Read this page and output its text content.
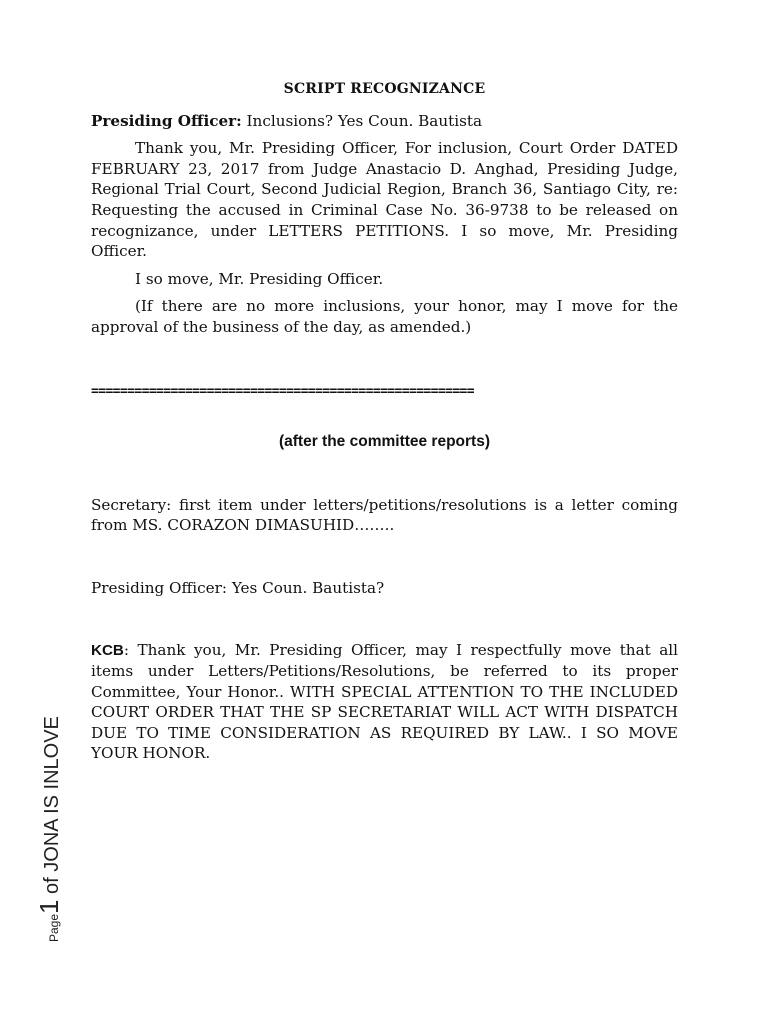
SCRIPT RECOGNIZANCE

Presiding Officer: Inclusions? Yes Coun. Bautista

Thank you, Mr. Presiding Officer, For inclusion, Court Order DATED FEBRUARY 23, 2017 from Judge Anastacio D. Anghad, Presiding Judge, Regional Trial Court, Second Judicial Region, Branch 36, Santiago City, re: Requesting the accused in Criminal Case No. 36-9738 to be released on recognizance, under LETTERS PETITIONS. I so move, Mr. Presiding Officer.

I so move, Mr. Presiding Officer.

(If there are no more inclusions, your honor, may I move for the approval of the business of the day, as amended.)

=====================================================
(after the committee reports)

Secretary: first item under letters/petitions/resolutions is a letter coming from MS. CORAZON DIMASUHID……..

Presiding Officer: Yes Coun. Bautista?

KCB: Thank you, Mr. Presiding Officer, may I respectfully move that all items under Letters/Petitions/Resolutions, be referred to its proper Committee, Your Honor.. WITH SPECIAL ATTENTION TO THE INCLUDED COURT ORDER THAT THE SP SECRETARIAT WILL ACT WITH DISPATCH DUE TO TIME CONSIDERATION AS REQUIRED BY LAW.. I SO MOVE YOUR HONOR.

Page1 of JONA IS INLOVE
